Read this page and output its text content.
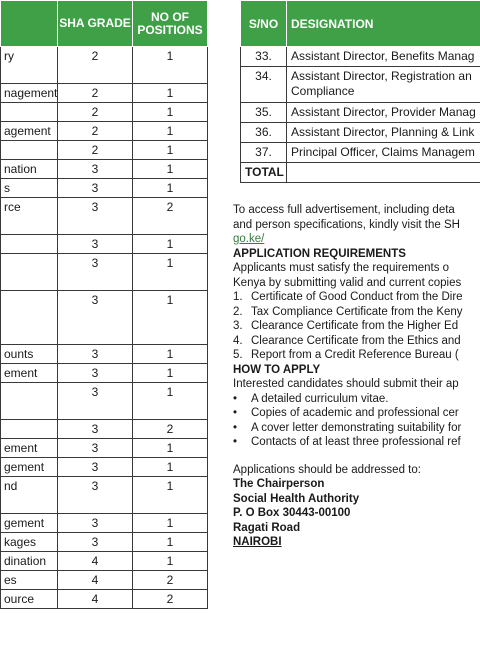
	SHA GRADE	NO OF POSITIONS
ry	2	1
nagement	2	1
	2	1
agement	2	1
	2	1
nation	3	1
s	3	1
rce	3	2
	3	1
	3	1
	3	1
ounts	3	1
ement	3	1
	3	1
	3	2
ement	3	1
gement	3	1
nd	3	1
gement	3	1
kages	3	1
dination	4	1
es	4	2
ource	4	2
S/NO	DESIGNATION
33.	Assistant Director, Benefits Manag
34.	Assistant Director, Registration an Compliance
35.	Assistant Director, Provider Manag
36.	Assistant Director, Planning & Link
37.	Principal Officer, Claims Managem
TOTAL	

To access full advertisement, including deta

and person specifications, kindly visit the SH

go.ke/

APPLICATION REQUIREMENTS

Applicants must satisfy the requirements o

Kenya by submitting valid and current copies

1. Certificate of Good Conduct from the Dire
2. Tax Compliance Certificate from the Keny
3. Clearance Certificate from the Higher Ed
4. Clearance Certificate from the Ethics and
5. Report from a Credit Reference Bureau (

HOW TO APPLY

Interested candidates should submit their ap

• A detailed curriculum vitae.
• Copies of academic and professional cer
• A cover letter demonstrating suitability for
• Contacts of at least three professional ref

Applications should be addressed to:

The Chairperson

Social Health Authority

P. O Box 30443-00100

Ragati Road

NAIROBI
